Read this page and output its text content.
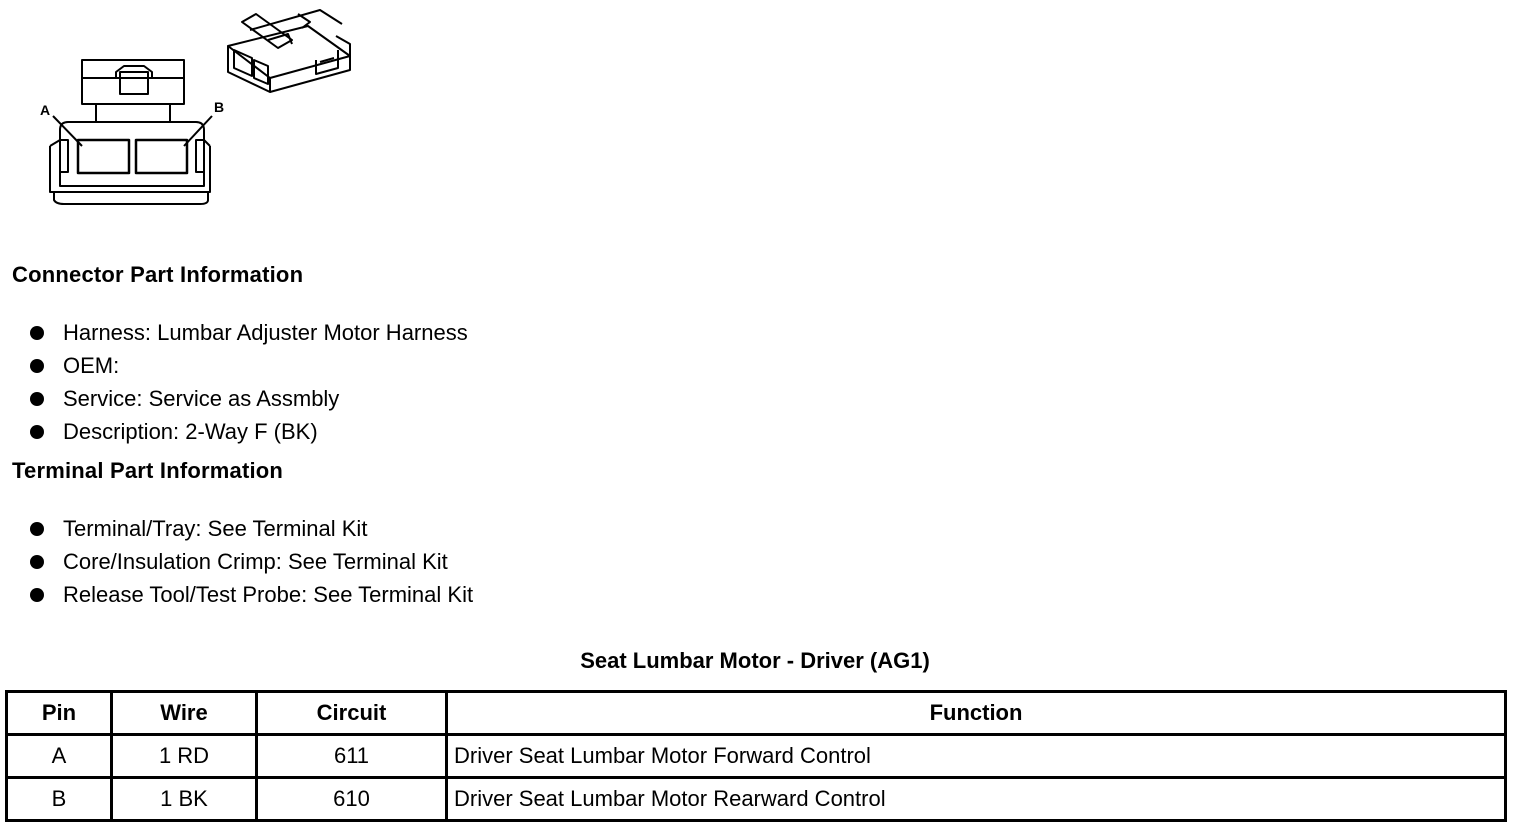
A	B
Connector Part Information
Harness: Lumbar Adjuster Motor Harness
OEM:
Service: Service as Assmbly
Description: 2-Way F (BK)
Terminal Part Information
Terminal/Tray: See Terminal Kit
Core/Insulation Crimp: See Terminal Kit
Release Tool/Test Probe: See Terminal Kit
Seat Lumbar Motor - Driver (AG1)
Pin	Wire	Circuit	Function
A	1 RD	611	Driver Seat Lumbar Motor Forward Control
B	1 BK	610	Driver Seat Lumbar Motor Rearward Control
